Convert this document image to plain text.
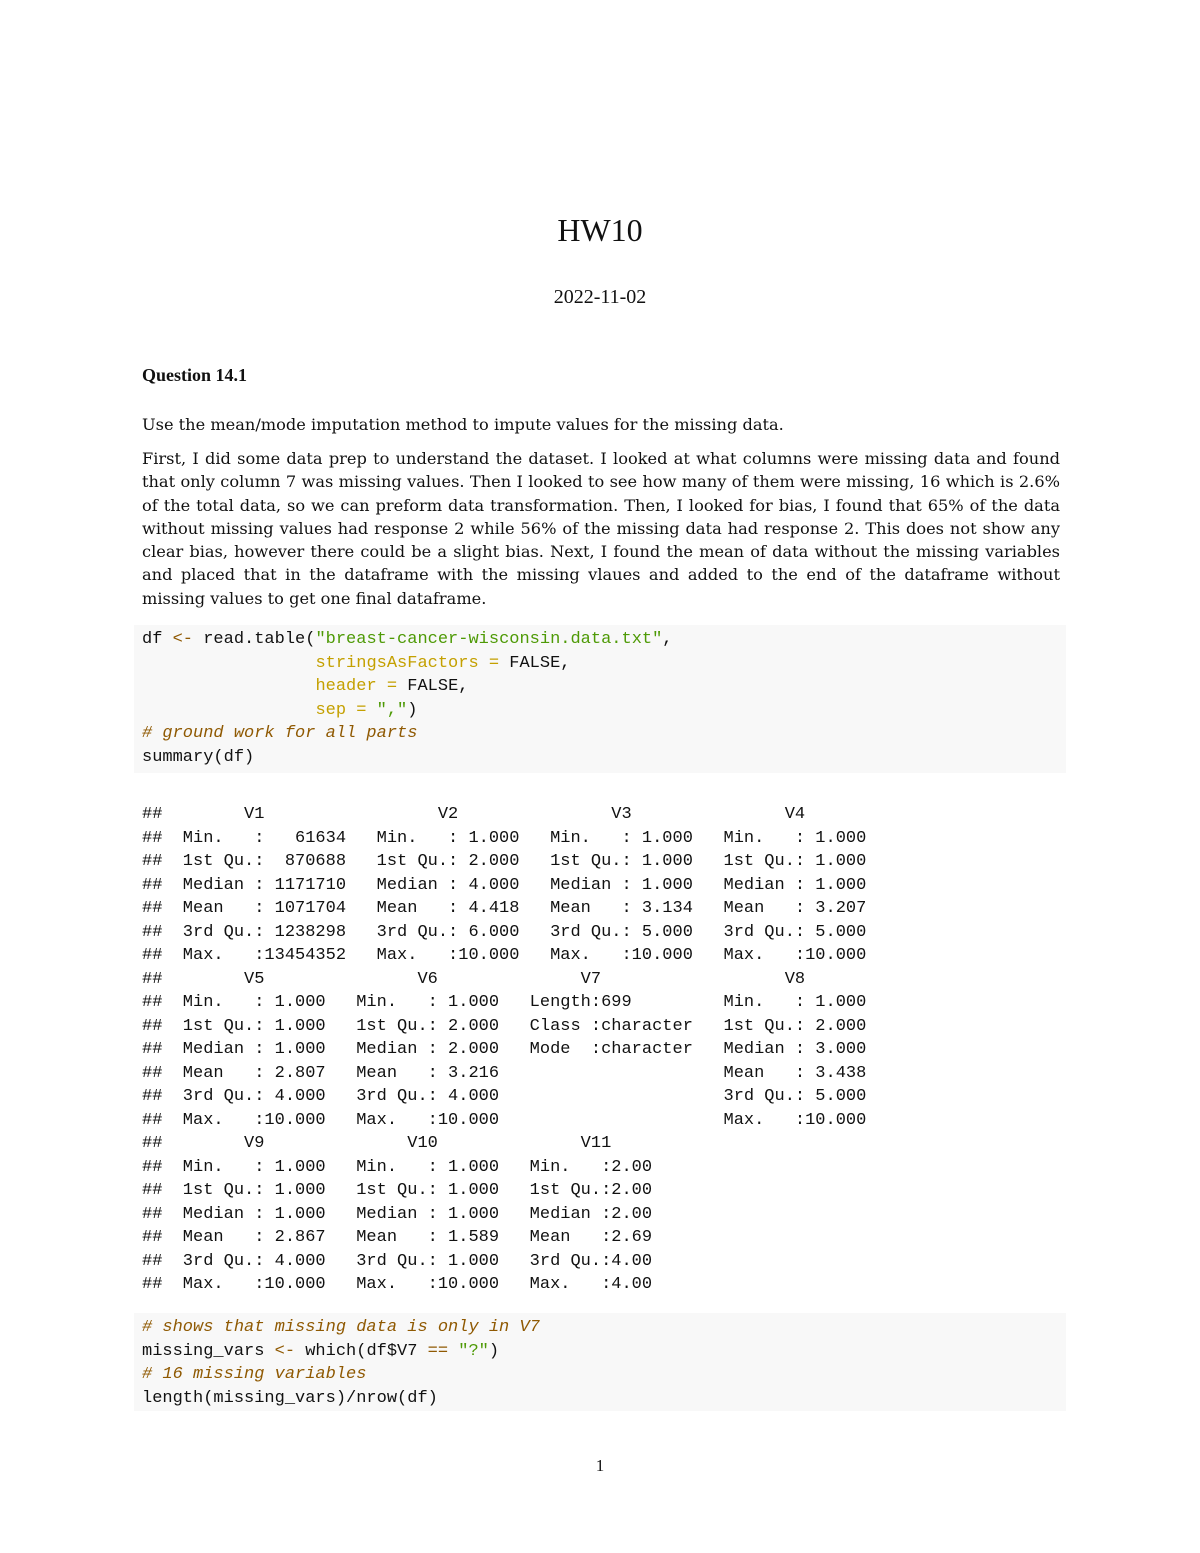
HW10
2022-11-02
Question 14.1
Use the mean/mode imputation method to impute values for the missing data.
First, I did some data prep to understand the dataset. I looked at what columns were missing data and found that only column 7 was missing values. Then I looked to see how many of them were missing, 16 which is 2.6% of the total data, so we can preform data transformation. Then, I looked for bias, I found that 65% of the data without missing values had response 2 while 56% of the missing data had response 2. This does not show any clear bias, however there could be a slight bias. Next, I found the mean of data without the missing variables and placed that in the dataframe with the missing vlaues and added to the end of the dataframe without missing values to get one final dataframe.
df <- read.table("breast-cancer-wisconsin.data.txt",
stringsAsFactors = FALSE,
header = FALSE,
sep = ",")
# ground work for all parts
summary(df)
##        V1                 V2               V3               V4
##  Min.   :   61634   Min.   : 1.000   Min.   : 1.000   Min.   : 1.000
##  1st Qu.:  870688   1st Qu.: 2.000   1st Qu.: 1.000   1st Qu.: 1.000
##  Median : 1171710   Median : 4.000   Median : 1.000   Median : 1.000
##  Mean   : 1071704   Mean   : 4.418   Mean   : 3.134   Mean   : 3.207
##  3rd Qu.: 1238298   3rd Qu.: 6.000   3rd Qu.: 5.000   3rd Qu.: 5.000
##  Max.   :13454352   Max.   :10.000   Max.   :10.000   Max.   :10.000
##        V5               V6              V7                  V8
##  Min.   : 1.000   Min.   : 1.000   Length:699         Min.   : 1.000
##  1st Qu.: 1.000   1st Qu.: 2.000   Class :character   1st Qu.: 2.000
##  Median : 1.000   Median : 2.000   Mode  :character   Median : 3.000
##  Mean   : 2.807   Mean   : 3.216                      Mean   : 3.438
##  3rd Qu.: 4.000   3rd Qu.: 4.000                      3rd Qu.: 5.000
##  Max.   :10.000   Max.   :10.000                      Max.   :10.000
##        V9              V10              V11
##  Min.   : 1.000   Min.   : 1.000   Min.   :2.00
##  1st Qu.: 1.000   1st Qu.: 1.000   1st Qu.:2.00
##  Median : 1.000   Median : 1.000   Median :2.00
##  Mean   : 2.867   Mean   : 1.589   Mean   :2.69
##  3rd Qu.: 4.000   3rd Qu.: 1.000   3rd Qu.:4.00
##  Max.   :10.000   Max.   :10.000   Max.   :4.00
# shows that missing data is only in V7
missing_vars <- which(df$V7 == "?")
# 16 missing variables
length(missing_vars)/nrow(df)
1
